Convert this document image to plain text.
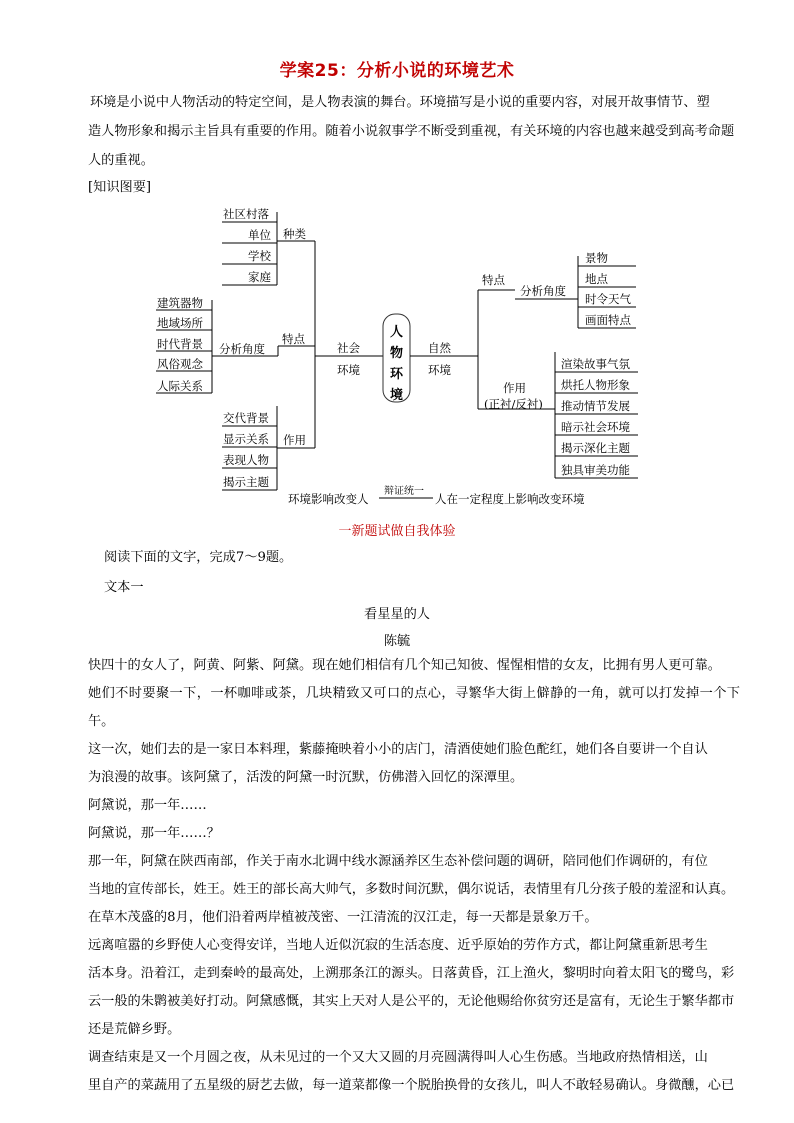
学案25：分析小说的环境艺术
环境是小说中人物活动的特定空间，是人物表演的舞台。环境描写是小说的重要内容，对展开故事情节、塑
造人物形象和揭示主旨具有重要的作用。随着小说叙事学不断受到重视，有关环境的内容也越来越受到高考命题
人的重视。
[知识图要]
社区村落
单位
学校
家庭
种类
建筑器物
地域场所
时代背景
风俗观念
人际关系
分析角度
特点
交代背景
显示关系
表现人物
揭示主题
作用
社会
环境
自然
环境
特点
分析角度
景物
地点
时令天气
画面特点
作用
(正衬/反衬)
渲染故事气氛
烘托人物形象
推动情节发展
暗示社会环境
揭示深化主题
独具审美功能
环境影响改变人
辩证统一
人在一定程度上影响改变环境
人
物
环
境
一新题试做自我体验
阅读下面的文字，完成7～9题。
文本一
看星星的人
陈毓
快四十的女人了，阿黄、阿紫、阿黛。现在她们相信有几个知己知彼、惺惺相惜的女友，比拥有男人更可靠。
她们不时要聚一下，一杯咖啡或茶，几块精致又可口的点心，寻繁华大街上僻静的一角，就可以打发掉一个下午。
这一次，她们去的是一家日本料理，紫藤掩映着小小的店门，清酒使她们脸色酡红，她们各自要讲一个自认
为浪漫的故事。该阿黛了，活泼的阿黛一时沉默，仿佛潜入回忆的深潭里。
阿黛说，那一年……
阿黛说，那一年……？
那一年，阿黛在陕西南部，作关于南水北调中线水源涵养区生态补偿问题的调研，陪同他们作调研的，有位
当地的宣传部长，姓王。姓王的部长高大帅气，多数时间沉默，偶尔说话，表情里有几分孩子般的羞涩和认真。
在草木茂盛的8月，他们沿着两岸植被茂密、一江清流的汉江走，每一天都是景象万千。
远离喧嚣的乡野使人心变得安详，当地人近似沉寂的生活态度、近乎原始的劳作方式，都让阿黛重新思考生
活本身。沿着江，走到秦岭的最高处，上溯那条江的源头。日落黄昏，江上渔火，黎明时向着太阳飞的鹭鸟，彩
云一般的朱鹮被美好打动。阿黛感慨，其实上天对人是公平的，无论他赐给你贫穷还是富有，无论生于繁华都市
还是荒僻乡野。
调查结束是又一个月圆之夜，从未见过的一个又大又圆的月亮圆满得叫人心生伤感。当地政府热情相送，山
里自产的菜蔬用了五星级的厨艺去做，每一道菜都像一个脱胎换骨的女孩儿，叫人不敢轻易确认。身微醺，心已
